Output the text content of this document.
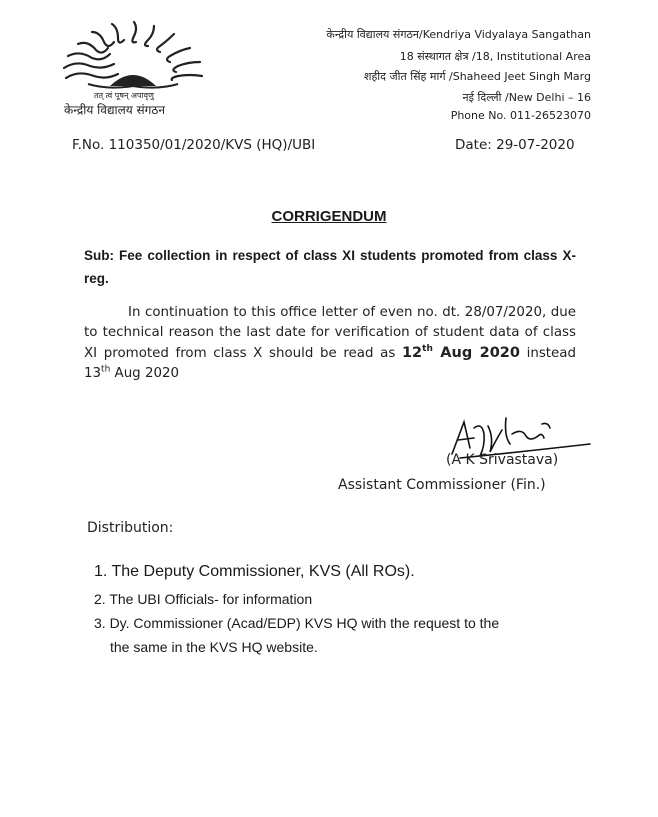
तत् त्वं पूषन् अपावृणु
केन्द्रीय विद्यालय संगठन
केन्द्रीय विद्यालय संगठन/Kendriya Vidyalaya Sangathan
18 संस्थागत क्षेत्र /18, Institutional Area
शहीद जीत सिंह मार्ग /Shaheed Jeet Singh Marg
नई दिल्ली /New Delhi – 16
Phone No. 011-26523070
F.No. 110350/01/2020/KVS (HQ)/UBI	Date: 29-07-2020
CORRIGENDUM
Sub: Fee collection in respect of class XI students promoted from class X- reg.
In continuation to this office letter of even no. dt. 28/07/2020, due to technical reason the last date for verification of student data of class XI promoted from class X should be read as 12th Aug 2020 instead 13th Aug 2020
(A K Srivastava)
Assistant Commissioner (Fin.)
Distribution:
1. The Deputy Commissioner, KVS (All ROs).
2. The UBI Officials- for information
3. Dy. Commissioner (Acad/EDP) KVS HQ with the request to the
the same in the KVS HQ website.
